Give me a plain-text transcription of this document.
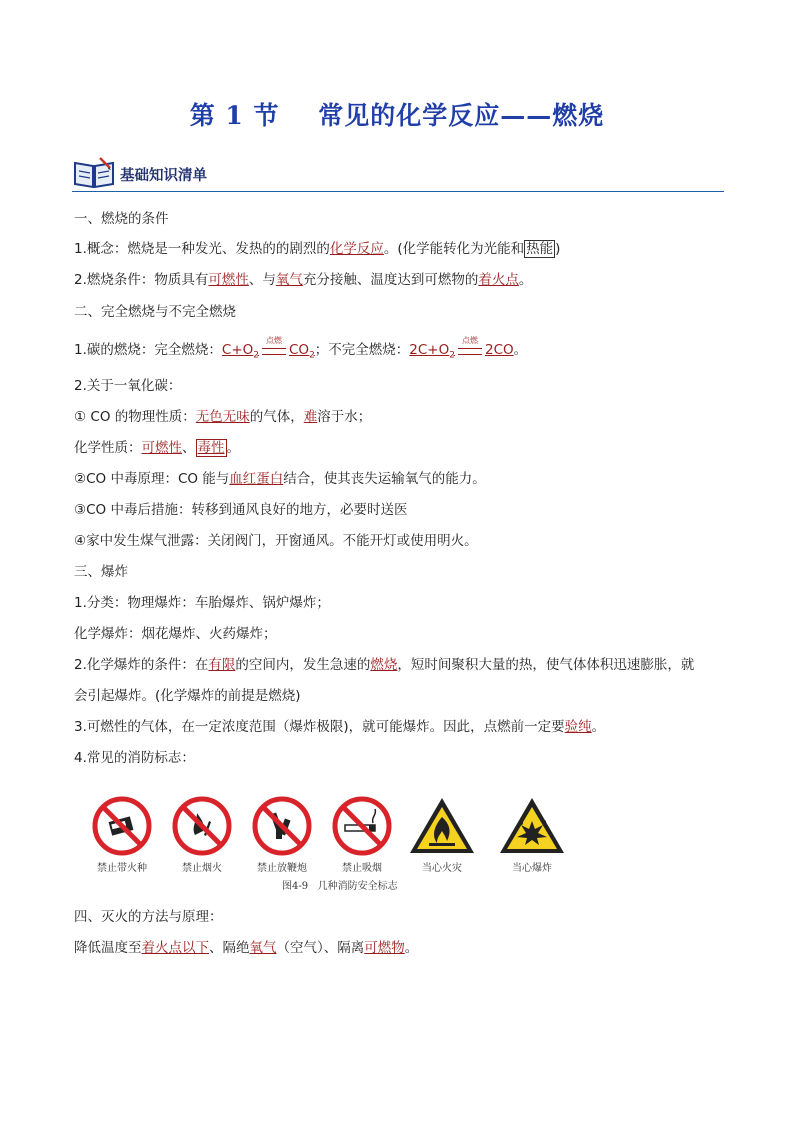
第 1 节    常见的化学反应——燃烧
基础知识清单
一、燃烧的条件
1.概念：燃烧是一种发光、发热的的剧烈的化学反应。(化学能转化为光能和 热能 )
2.燃烧条件：物质具有可燃性、与氧气充分接触、温度达到可燃物的着火点。
二、完全燃烧与不完全燃烧
1.碳的燃烧：完全燃烧：$C+O_2$
点燃
$CO_2$；不完全燃烧：$2C+O_2$
点燃
2CO。
2.关于一氧化碳：
① CO 的物理性质：无色无味的气体，难溶于水；
化学性质：可燃性、 毒性 。
②CO 中毒原理：CO 能与血红蛋白结合，使其丧失运输氧气的能力。
③CO 中毒后措施：转移到通风良好的地方，必要时送医
④家中发生煤气泄露：关闭阀门，开窗通风。不能开灯或使用明火。
三、爆炸
1.分类：物理爆炸：车胎爆炸、锅炉爆炸；
化学爆炸：烟花爆炸、火药爆炸；
2.化学爆炸的条件：在有限的空间内，发生急速的燃烧，短时间聚积大量的热，使气体体积迅速膨胀，就
会引起爆炸。(化学爆炸的前提是燃烧)
3.可燃性的气体，在一定浓度范围（爆炸极限)，就可能爆炸。因此，点燃前一定要验纯。
4.常见的消防标志：
禁止带火种	禁止烟火	禁止放鞭炮	禁止吸烟	当心火灾	当心爆炸
图4-9   几种消防安全标志
四、灭火的方法与原理：
降低温度至着火点以下、隔绝氧气（空气）、隔离可燃物。
